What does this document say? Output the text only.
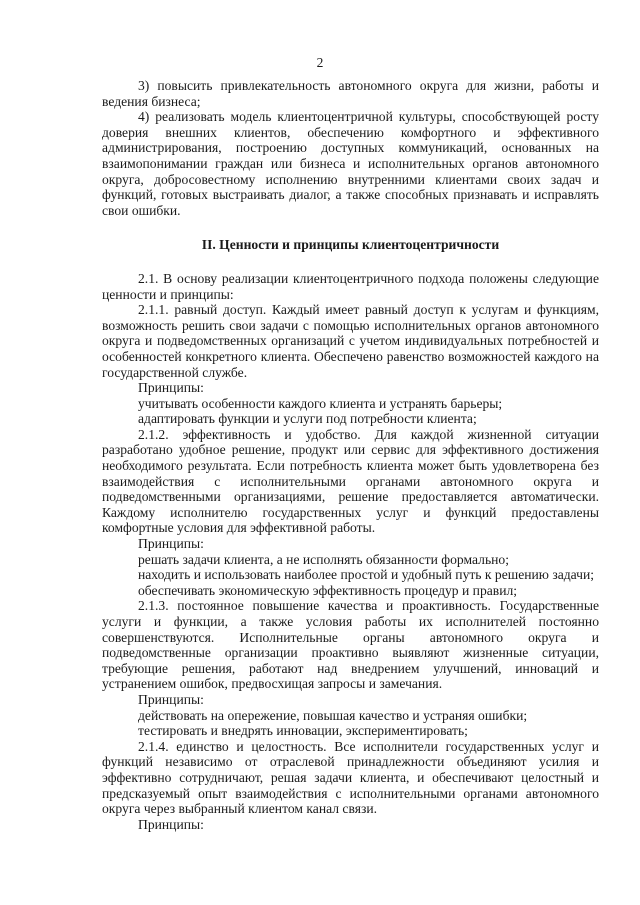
2

3) повысить привлекательность автономного округа для жизни, работы и ведения бизнеса;

4) реализовать модель клиентоцентричной культуры, способствующей росту доверия внешних клиентов, обеспечению комфортного и эффективного администрирования, построению доступных коммуникаций, основанных на взаимопонимании граждан или бизнеса и исполнительных органов автономного округа, добросовестному исполнению внутренними клиентами своих задач и функций, готовых выстраивать диалог, а также способных признавать и исправлять свои ошибки.

II. Ценности и принципы клиентоцентричности

2.1. В основу реализации клиентоцентричного подхода положены следующие ценности и принципы:

2.1.1. равный доступ. Каждый имеет равный доступ к услугам и функциям, возможность решить свои задачи с помощью исполнительных органов автономного округа и подведомственных организаций с учетом индивидуальных потребностей и особенностей конкретного клиента. Обеспечено равенство возможностей каждого на государственной службе.

Принципы:

учитывать особенности каждого клиента и устранять барьеры;

адаптировать функции и услуги под потребности клиента;

2.1.2. эффективность и удобство. Для каждой жизненной ситуации разработано удобное решение, продукт или сервис для эффективного достижения необходимого результата. Если потребность клиента может быть удовлетворена без взаимодействия с исполнительными органами автономного округа и подведомственными организациями, решение предоставляется автоматически. Каждому исполнителю государственных услуг и функций предоставлены комфортные условия для эффективной работы.

Принципы:

решать задачи клиента, а не исполнять обязанности формально;

находить и использовать наиболее простой и удобный путь к решению задачи;

обеспечивать экономическую эффективность процедур и правил;

2.1.3. постоянное повышение качества и проактивность. Государственные услуги и функции, а также условия работы их исполнителей постоянно совершенствуются. Исполнительные органы автономного округа и подведомственные организации проактивно выявляют жизненные ситуации, требующие решения, работают над внедрением улучшений, инноваций и устранением ошибок, предвосхищая запросы и замечания.

Принципы:

действовать на опережение, повышая качество и устраняя ошибки;

тестировать и внедрять инновации, экспериментировать;

2.1.4. единство и целостность. Все исполнители государственных услуг и функций независимо от отраслевой принадлежности объединяют усилия и эффективно сотрудничают, решая задачи клиента, и обеспечивают целостный и предсказуемый опыт взаимодействия с исполнительными органами автономного округа через выбранный клиентом канал связи.

Принципы:
